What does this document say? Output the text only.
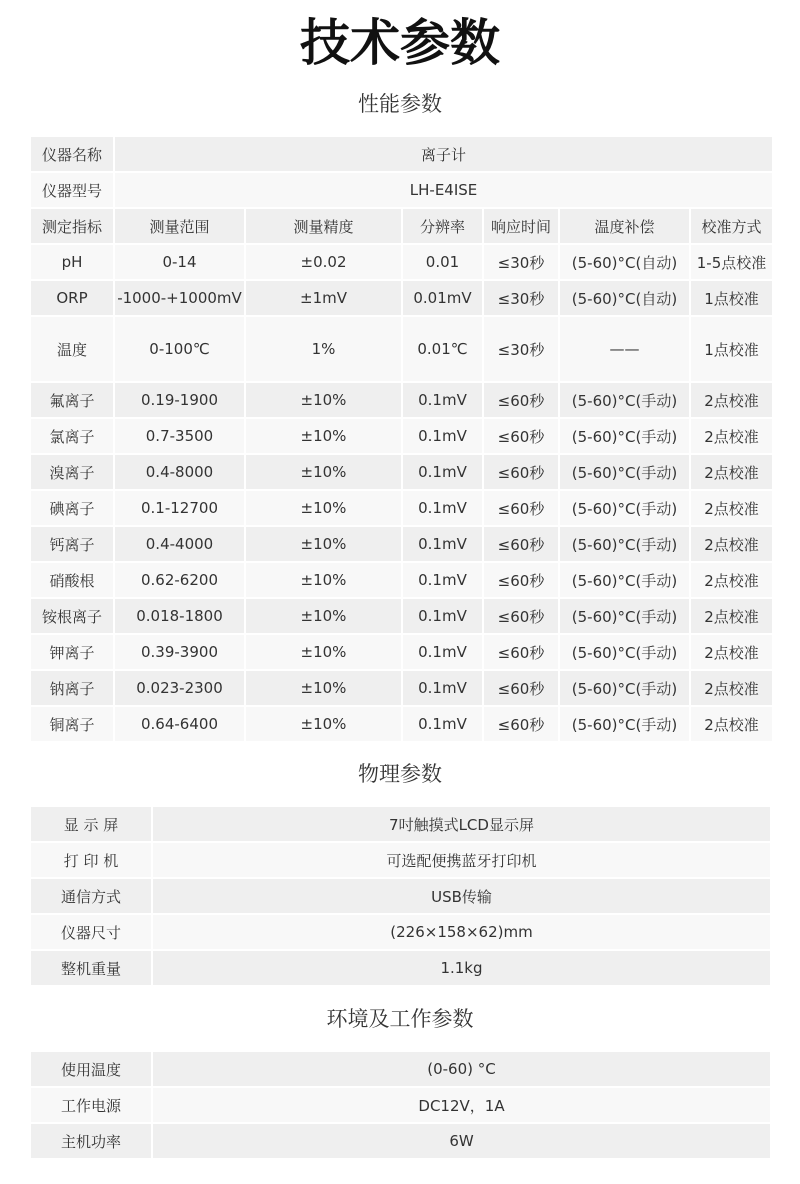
技术参数
性能参数
仪器名称	离子计					
仪器型号	LH-E4ISE					
测定指标	测量范围	测量精度	分辨率	响应时间	温度补偿	校准方式
pH	0-14	±0.02	0.01	≤30秒	(5-60)°C(自动)	1-5点校准
ORP	-1000-+1000mV	±1mV	0.01mV	≤30秒	(5-60)°C(自动)	1点校准
温度	0-100℃	1%	0.01℃	≤30秒	——	1点校准
氟离子	0.19-1900	±10%	0.1mV	≤60秒	(5-60)°C(手动)	2点校准
氯离子	0.7-3500	±10%	0.1mV	≤60秒	(5-60)°C(手动)	2点校准
溴离子	0.4-8000	±10%	0.1mV	≤60秒	(5-60)°C(手动)	2点校准
碘离子	0.1-12700	±10%	0.1mV	≤60秒	(5-60)°C(手动)	2点校准
钙离子	0.4-4000	±10%	0.1mV	≤60秒	(5-60)°C(手动)	2点校准
硝酸根	0.62-6200	±10%	0.1mV	≤60秒	(5-60)°C(手动)	2点校准
铵根离子	0.018-1800	±10%	0.1mV	≤60秒	(5-60)°C(手动)	2点校准
钾离子	0.39-3900	±10%	0.1mV	≤60秒	(5-60)°C(手动)	2点校准
钠离子	0.023-2300	±10%	0.1mV	≤60秒	(5-60)°C(手动)	2点校准
铜离子	0.64-6400	±10%	0.1mV	≤60秒	(5-60)°C(手动)	2点校准
物理参数
显 示 屏	7吋触摸式LCD显示屏
打 印 机	可选配便携蓝牙打印机
通信方式	USB传输
仪器尺寸	(226×158×62)mm
整机重量	1.1kg
环境及工作参数
使用温度	(0-60) °C
工作电源	DC12V，1A
主机功率	6W
